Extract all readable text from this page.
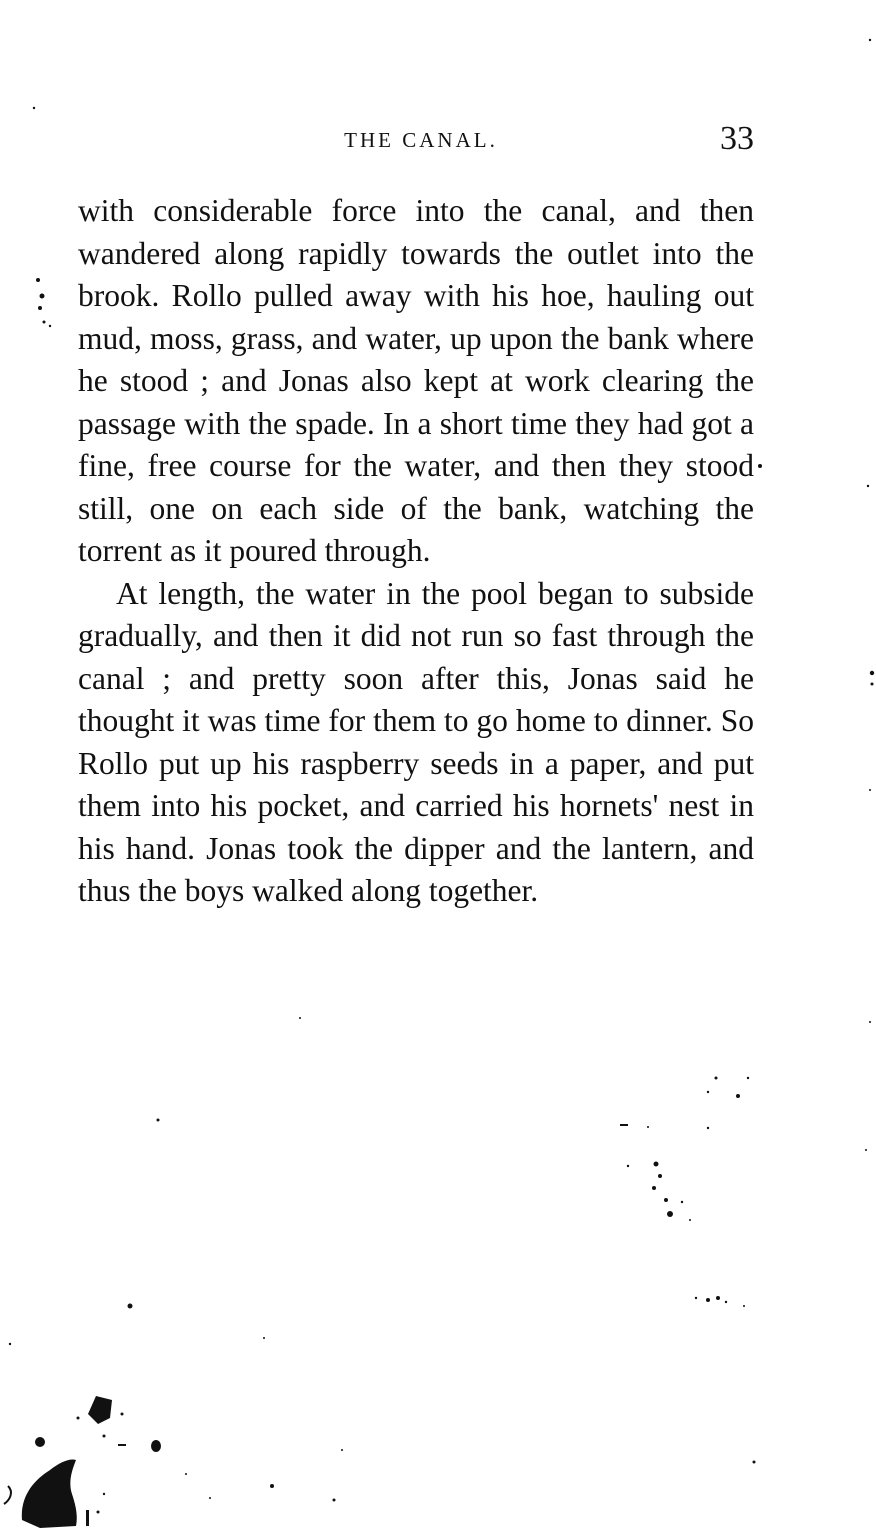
THE CANAL.	33

with considerable force into the canal, and then wandered along rapidly towards the outlet into the brook. Rollo pulled away with his hoe, hauling out mud, moss, grass, and water, up upon the bank where he stood ; and Jonas also kept at work clearing the passage with the spade. In a short time they had got a fine, free course for the water, and then they stood still, one on each side of the bank, watching the torrent as it poured through.

At length, the water in the pool began to subside gradually, and then it did not run so fast through the canal ; and pretty soon after this, Jonas said he thought it was time for them to go home to dinner. So Rollo put up his raspberry seeds in a paper, and put them into his pocket, and carried his hornets' nest in his hand. Jonas took the dipper and the lantern, and thus the boys walked along together.
